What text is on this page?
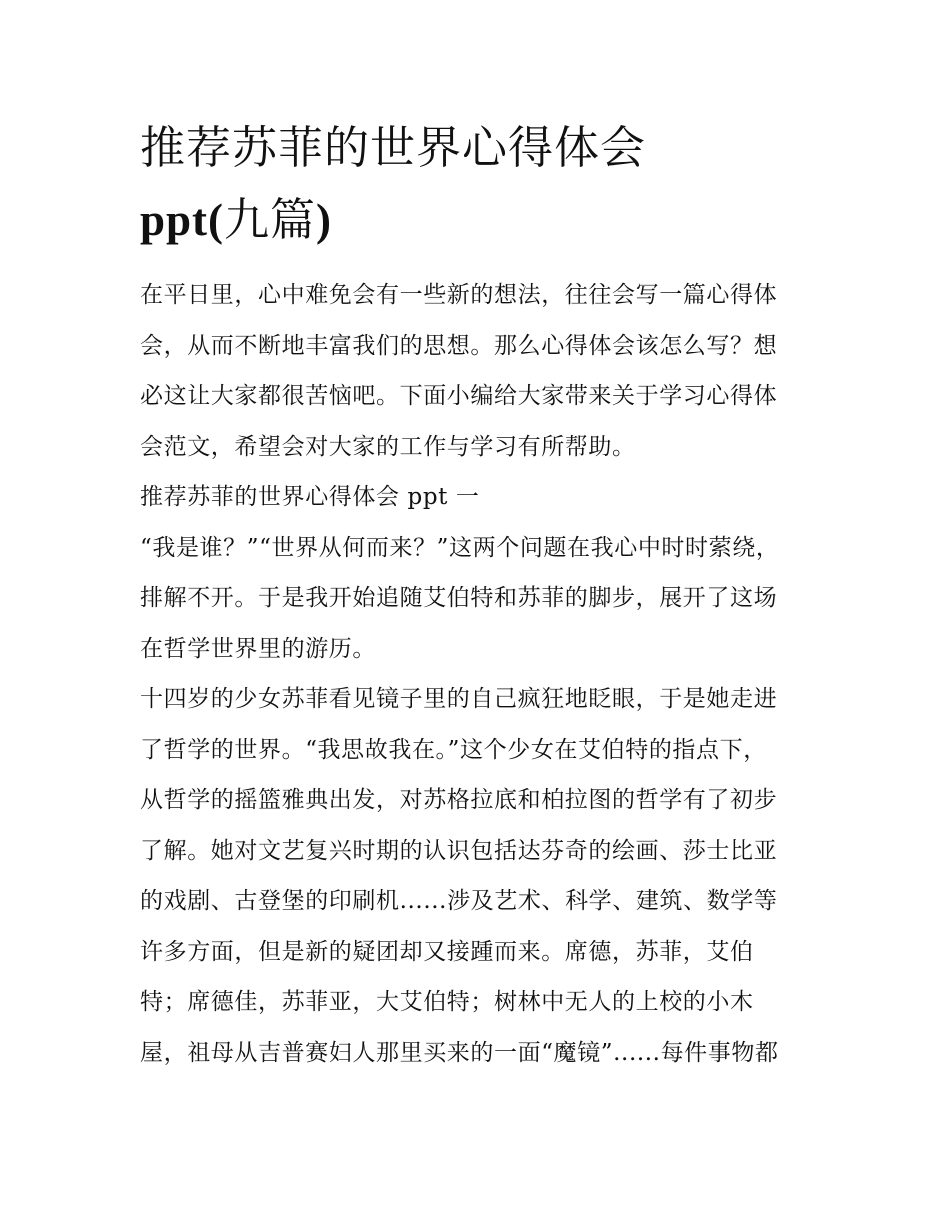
推荐苏菲的世界心得体会
ppt(九篇)

在平日里，心中难免会有一些新的想法，往往会写一篇心得体

会，从而不断地丰富我们的思想。那么心得体会该怎么写？想

必这让大家都很苦恼吧。下面小编给大家带来关于学习心得体

会范文，希望会对大家的工作与学习有所帮助。

推荐苏菲的世界心得体会 ppt 一

“我是谁？”“世界从何而来？”这两个问题在我心中时时萦绕，

排解不开。于是我开始追随艾伯特和苏菲的脚步，展开了这场

在哲学世界里的游历。

十四岁的少女苏菲看见镜子里的自己疯狂地眨眼，于是她走进

了哲学的世界。“我思故我在。”这个少女在艾伯特的指点下，

从哲学的摇篮雅典出发，对苏格拉底和柏拉图的哲学有了初步

了解。她对文艺复兴时期的认识包括达芬奇的绘画、莎士比亚

的戏剧、古登堡的印刷机......涉及艺术、科学、建筑、数学等

许多方面，但是新的疑团却又接踵而来。席德，苏菲，艾伯

特；席德佳，苏菲亚，大艾伯特；树林中无人的上校的小木

屋，祖母从吉普赛妇人那里买来的一面“魔镜”......每件事物都
